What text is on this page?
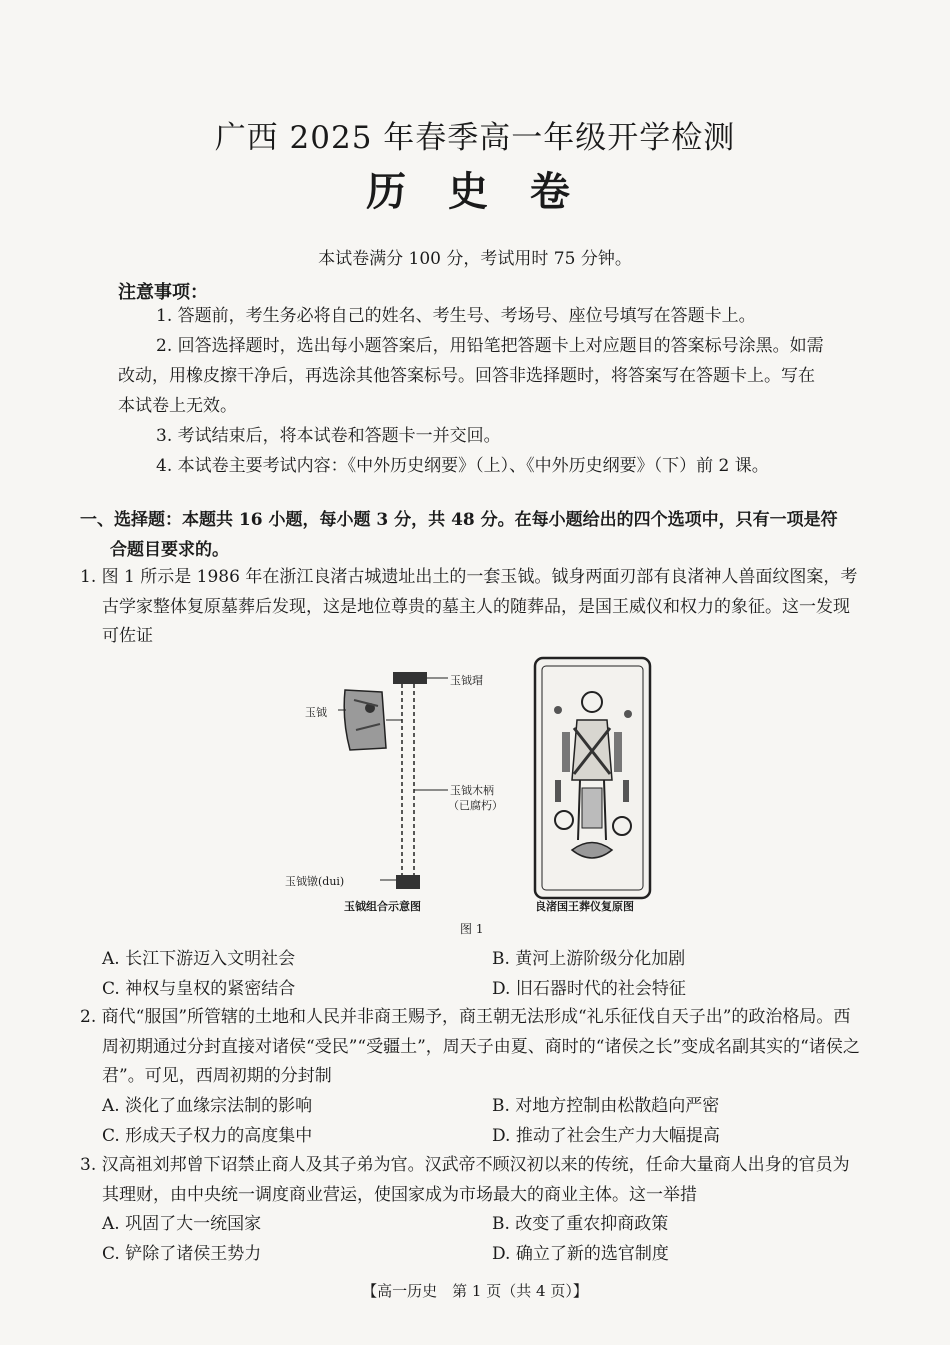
广西 2025 年春季高一年级开学检测
历 史 卷
本试卷满分 100 分，考试用时 75 分钟。
注意事项：

1. 答题前，考生务必将自己的姓名、考生号、考场号、座位号填写在答题卡上。

2. 回答选择题时，选出每小题答案后，用铅笔把答题卡上对应题目的答案标号涂黑。如需改动，用橡皮擦干净后，再选涂其他答案标号。回答非选择题时，将答案写在答题卡上。写在本试卷上无效。

3. 考试结束后，将本试卷和答题卡一并交回。

4. 本试卷主要考试内容：《中外历史纲要》（上）、《中外历史纲要》（下）前 2 课。

一、选择题：本题共 16 小题，每小题 3 分，共 48 分。在每小题给出的四个选项中，只有一项是符
合题目要求的。
1. 图 1 所示是 1986 年在浙江良渚古城遗址出土的一套玉钺。钺身两面刃部有良渚神人兽面纹图案，考古学家整体复原墓葬后发现，这是地位尊贵的墓主人的随葬品，是国王威仪和权力的象征。这一发现可佐证
玉钺
玉钺瑁
玉钺木柄
（已腐朽）
玉钺镦(dui)
玉钺组合示意图	良渚国王葬仪复原图
图 1
A. 长江下游迈入文明社会	B. 黄河上游阶级分化加剧
C. 神权与皇权的紧密结合	D. 旧石器时代的社会特征
2. 商代“服国”所管辖的土地和人民并非商王赐予，商王朝无法形成“礼乐征伐自天子出”的政治格局。西周初期通过分封直接对诸侯“受民”“受疆土”，周天子由夏、商时的“诸侯之长”变成名副其实的“诸侯之君”。可见，西周初期的分封制
A. 淡化了血缘宗法制的影响	B. 对地方控制由松散趋向严密
C. 形成天子权力的高度集中	D. 推动了社会生产力大幅提高
3. 汉高祖刘邦曾下诏禁止商人及其子弟为官。汉武帝不顾汉初以来的传统，任命大量商人出身的官员为其理财，由中央统一调度商业营运，使国家成为市场最大的商业主体。这一举措
A. 巩固了大一统国家	B. 改变了重农抑商政策
C. 铲除了诸侯王势力	D. 确立了新的选官制度
【高一历史　第 1 页（共 4 页）】
